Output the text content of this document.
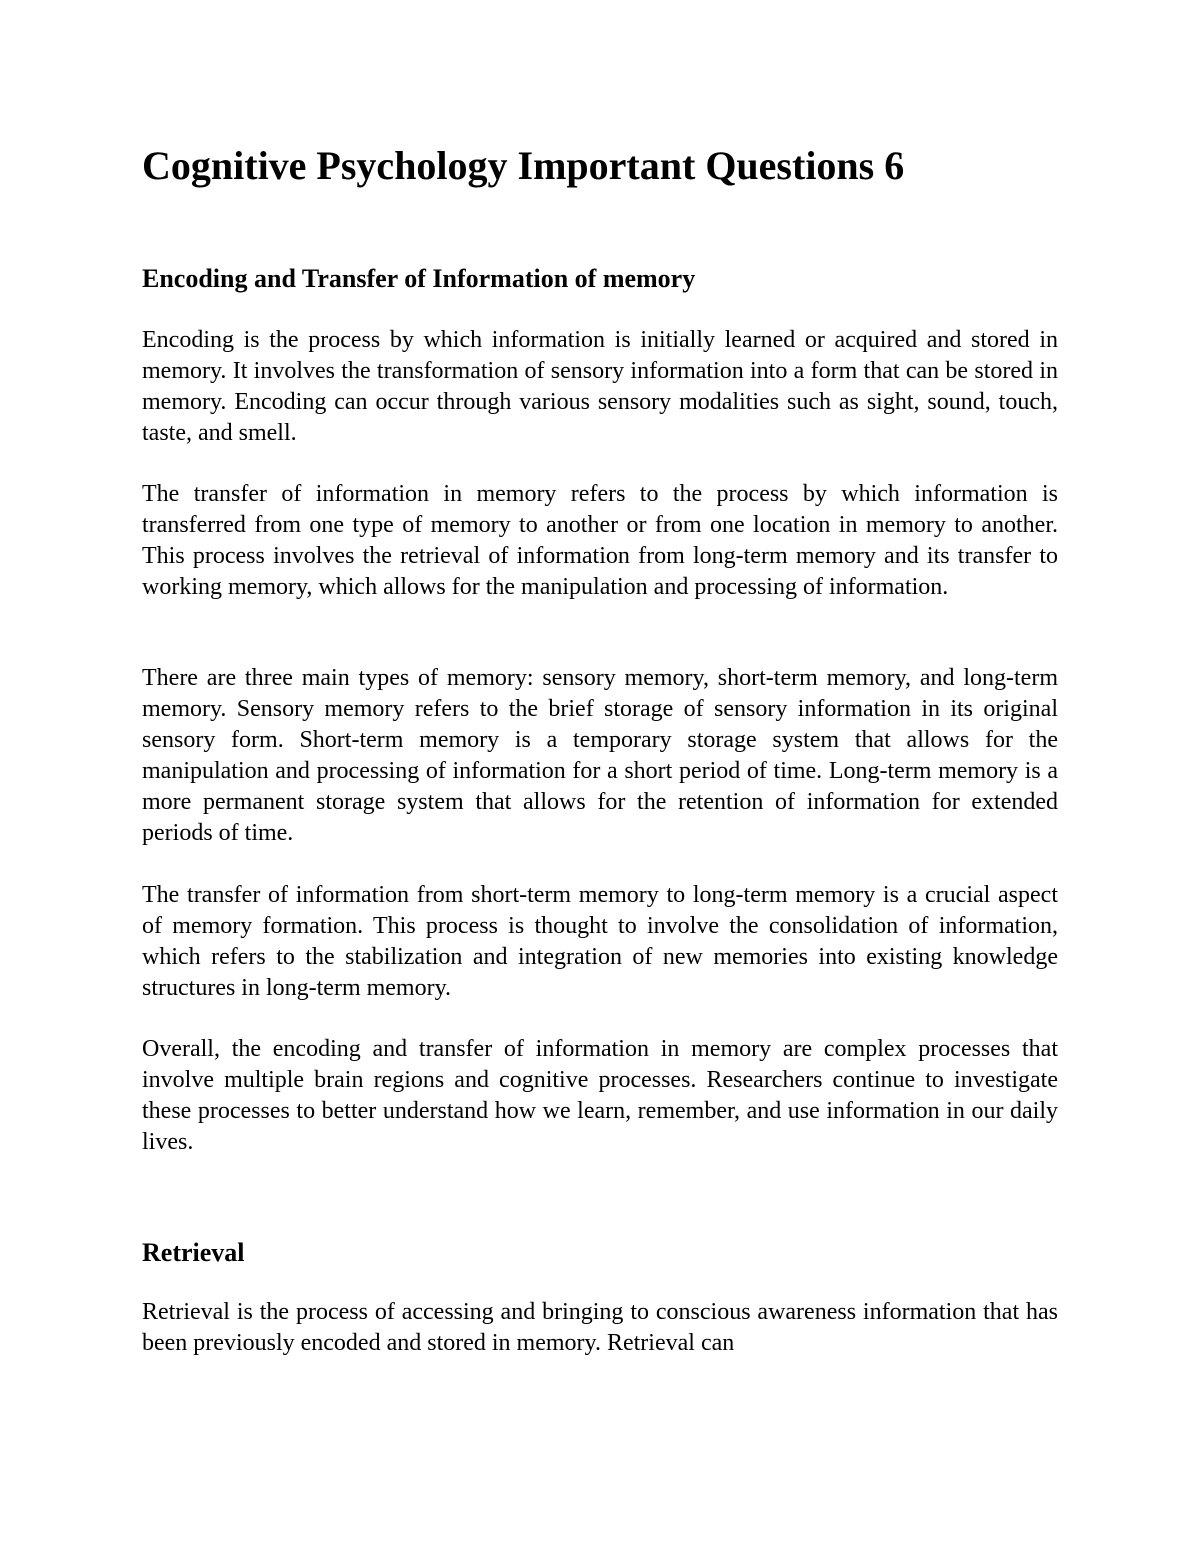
Cognitive Psychology Important Questions 6
Encoding and Transfer of Information of memory

Encoding is the process by which information is initially learned or acquired and stored in memory. It involves the transformation of sensory information into a form that can be stored in memory. Encoding can occur through various sensory modalities such as sight, sound, touch, taste, and smell.

The transfer of information in memory refers to the process by which information is transferred from one type of memory to another or from one location in memory to another. This process involves the retrieval of information from long-term memory and its transfer to working memory, which allows for the manipulation and processing of information.

There are three main types of memory: sensory memory, short-term memory, and long-term memory. Sensory memory refers to the brief storage of sensory information in its original sensory form. Short-term memory is a temporary storage system that allows for the manipulation and processing of information for a short period of time. Long-term memory is a more permanent storage system that allows for the retention of information for extended periods of time.

The transfer of information from short-term memory to long-term memory is a crucial aspect of memory formation. This process is thought to involve the consolidation of information, which refers to the stabilization and integration of new memories into existing knowledge structures in long-term memory.

Overall, the encoding and transfer of information in memory are complex processes that involve multiple brain regions and cognitive processes. Researchers continue to investigate these processes to better understand how we learn, remember, and use information in our daily lives.

Retrieval

Retrieval is the process of accessing and bringing to conscious awareness information that has been previously encoded and stored in memory. Retrieval can
